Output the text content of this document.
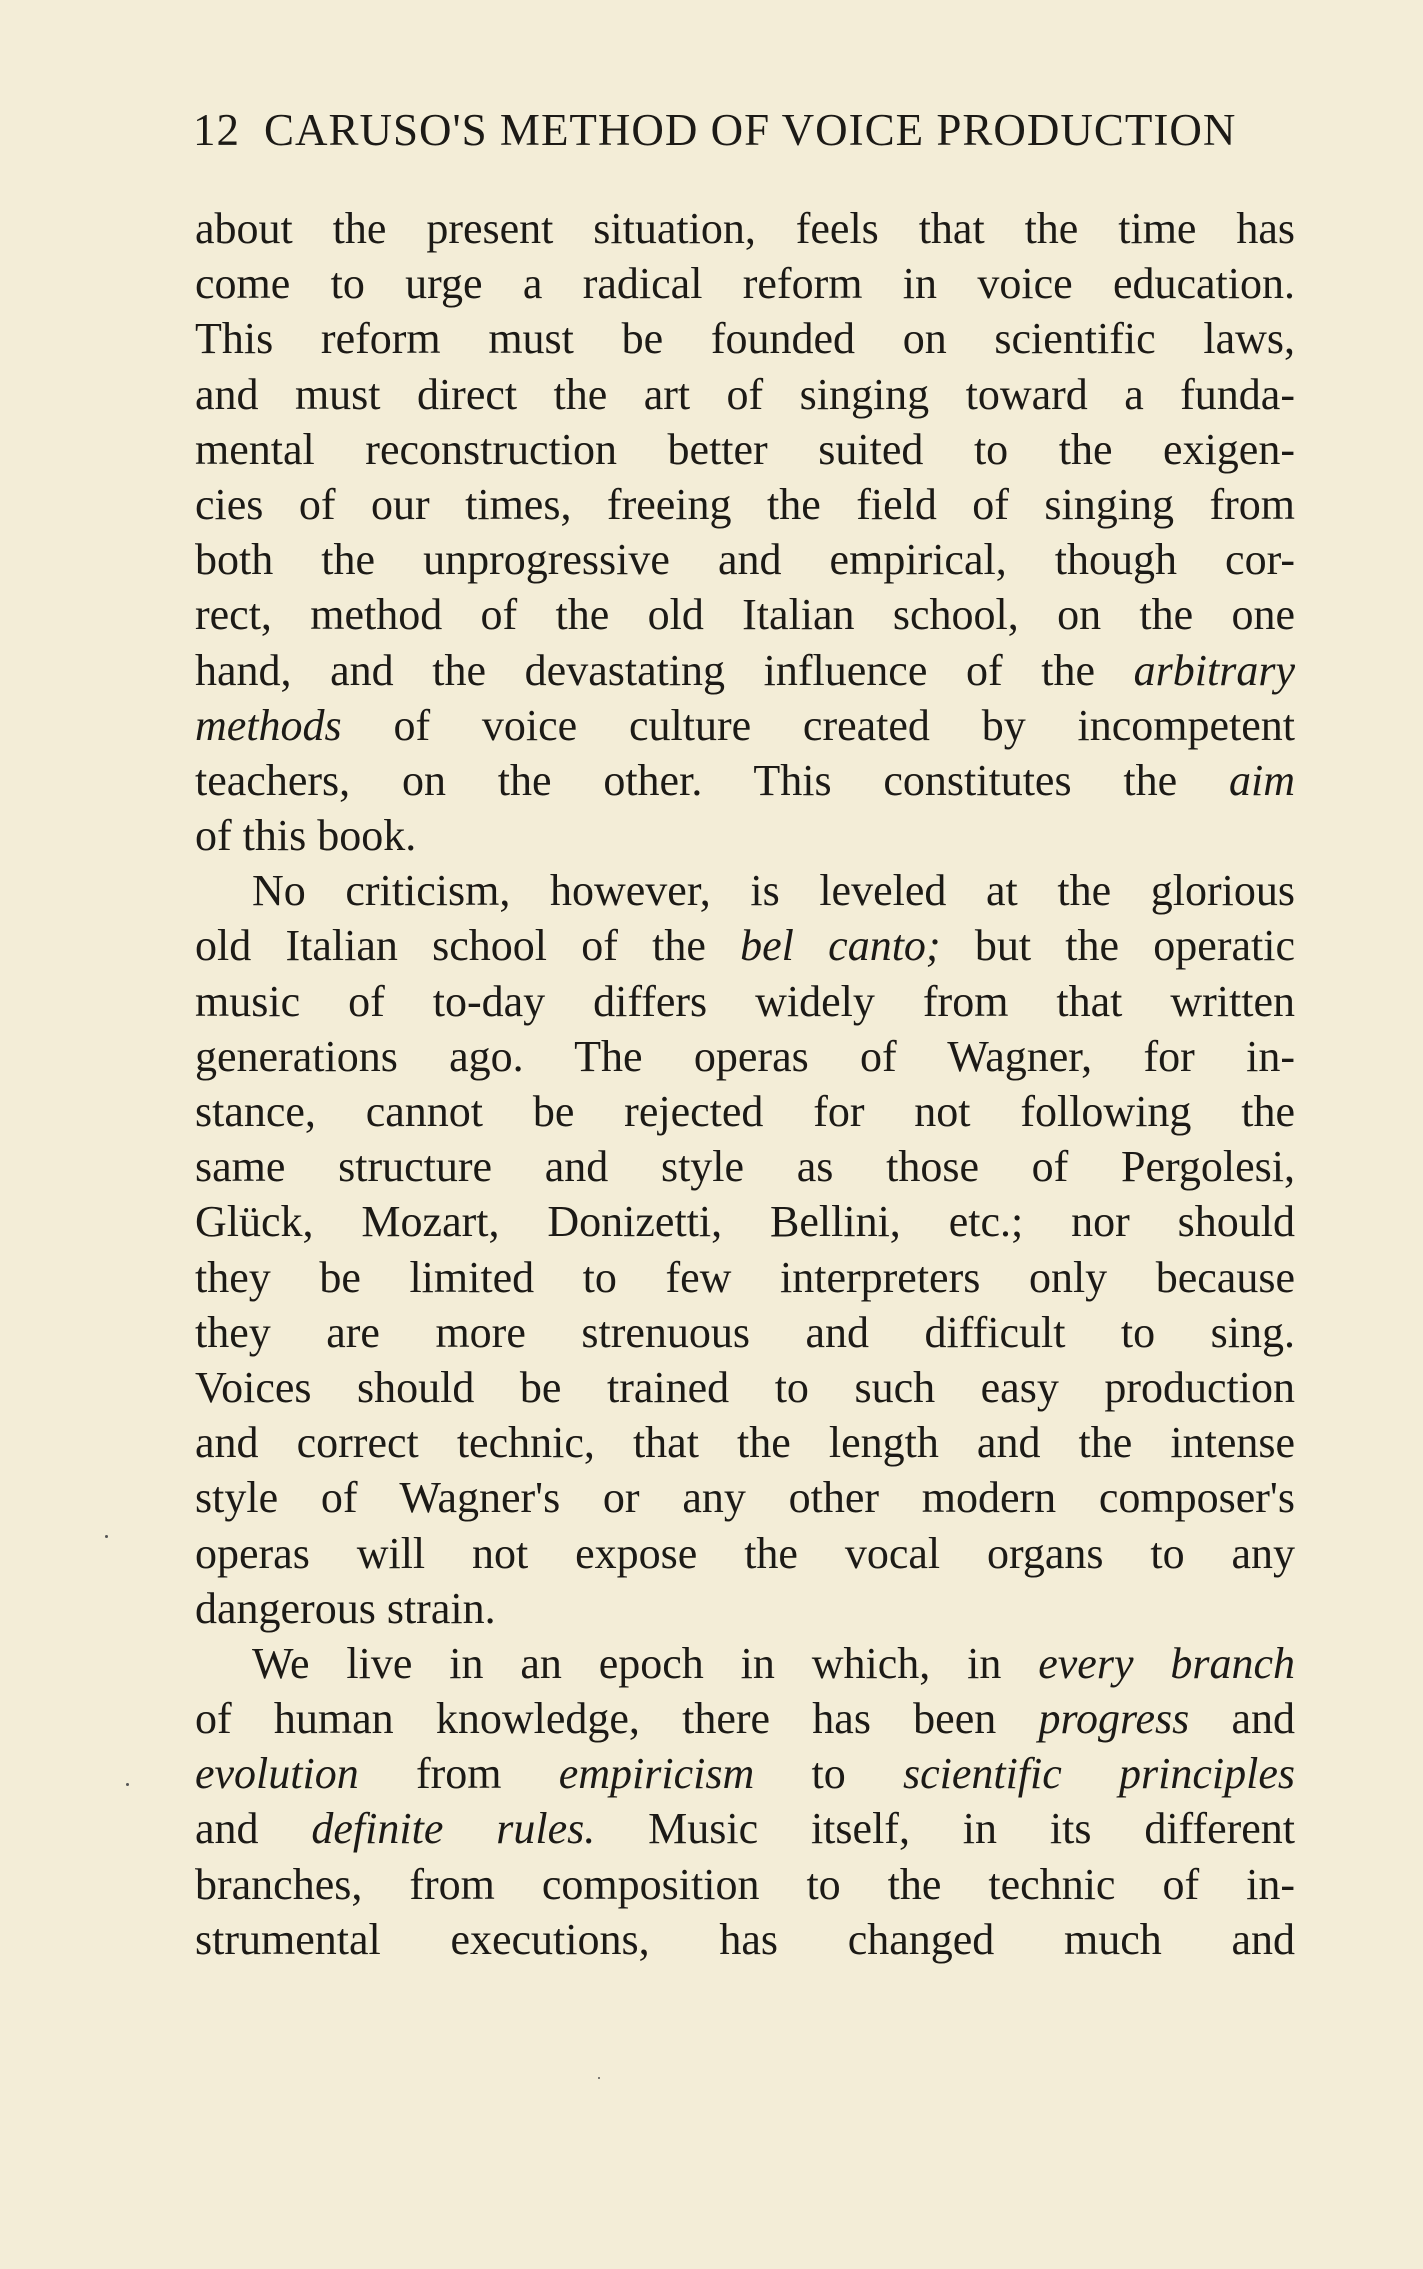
12 CARUSO'S METHOD OF VOICE PRODUCTION
about the present situation, feels that the time has
come to urge a radical reform in voice education.
This reform must be founded on scientific laws,
and must direct the art of singing toward a funda-
mental reconstruction better suited to the exigen-
cies of our times, freeing the field of singing from
both the unprogressive and empirical, though cor-
rect, method of the old Italian school, on the one
hand, and the devastating influence of the arbitrary
methods of voice culture created by incompetent
teachers, on the other. This constitutes the aim
of this book.
No criticism, however, is leveled at the glorious
old Italian school of the bel canto; but the operatic
music of to-day differs widely from that written
generations ago. The operas of Wagner, for in-
stance, cannot be rejected for not following the
same structure and style as those of Pergolesi,
Glück, Mozart, Donizetti, Bellini, etc.; nor should
they be limited to few interpreters only because
they are more strenuous and difficult to sing.
Voices should be trained to such easy production
and correct technic, that the length and the intense
style of Wagner's or any other modern composer's
operas will not expose the vocal organs to any
dangerous strain.
We live in an epoch in which, in every branch
of human knowledge, there has been progress and
evolution from empiricism to scientific principles
and definite rules. Music itself, in its different
branches, from composition to the technic of in-
strumental executions, has changed much and
